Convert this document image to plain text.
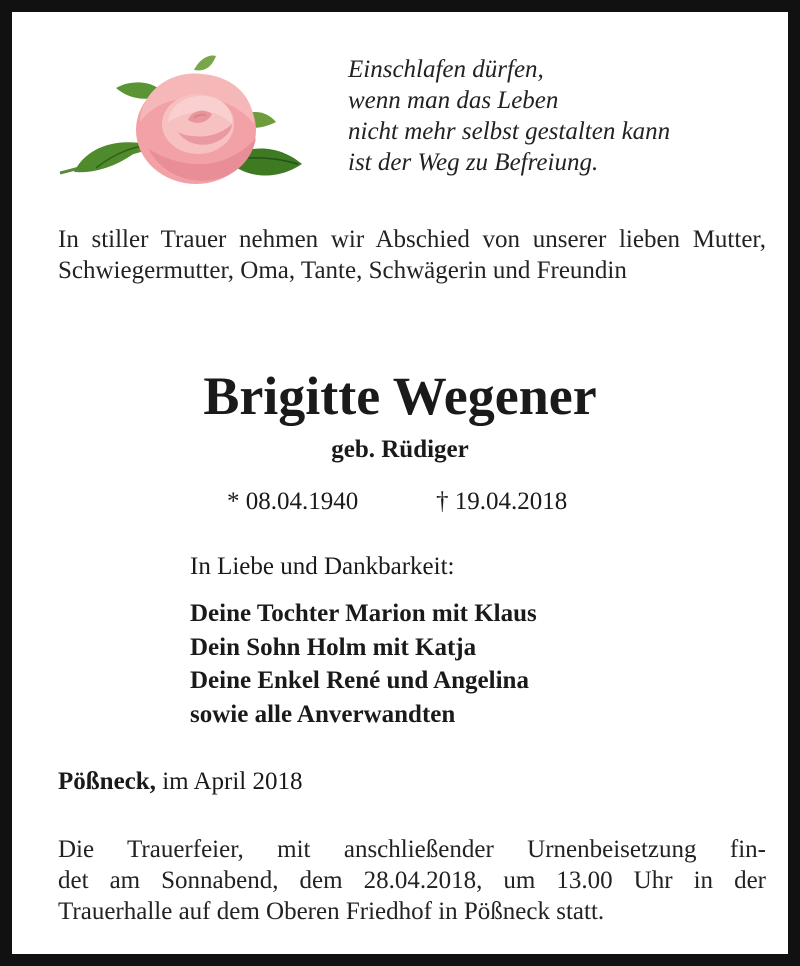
Einschlafen dürfen,
wenn man das Leben
nicht mehr selbst gestalten kann
ist der Weg zu Befreiung.
In stiller Trauer nehmen wir Abschied von unserer lieben Mutter, Schwiegermutter, Oma, Tante, Schwägerin und Freundin
Brigitte Wegener
geb. Rüdiger
* 08.04.1940	† 19.04.2018
In Liebe und Dankbarkeit:
Deine Tochter Marion mit Klaus
Dein Sohn Holm mit Katja
Deine Enkel René und Angelina
sowie alle Anverwandten
Pößneck, im April 2018
Die Trauerfeier, mit anschließender Urnenbeisetzung fin-
det am Sonnabend, dem 28.04.2018, um 13.00 Uhr in der
Trauerhalle auf dem Oberen Friedhof in Pößneck statt.
